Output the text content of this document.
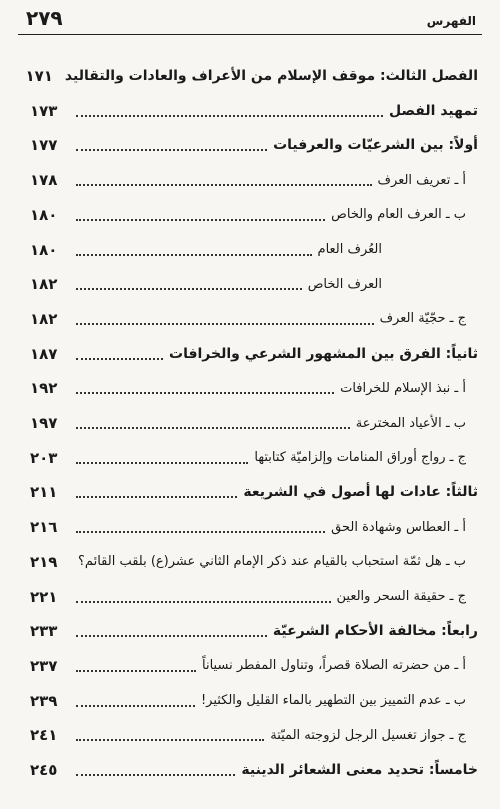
الفهرس
٢٧٩
الفصل الثالث: موقف الإسلام من الأعراف والعادات والتقاليد
١٧١
تمهيد الفصل
١٧٣
أولاً: بين الشرعيّات والعرفيات
١٧٧
أ ـ تعريف العرف
١٧٨
ب ـ العرف العام والخاص
١٨٠
العُرف العام
١٨٠
العرف الخاص
١٨٢
ج ـ حجّيّة العرف
١٨٢
ثانياً: الفرق بين المشهور الشرعي والخرافات
١٨٧
أ ـ نبذ الإسلام للخرافات
١٩٢
ب ـ الأعياد المخترعة
١٩٧
ج ـ رواج أوراق المنامات وإلزاميّة كتابتها
٢٠٣
ثالثاً: عادات لها أصول في الشريعة
٢١١
أ ـ العطاس وشهادة الحق
٢١٦
ب ـ هل ثمّة استحباب بالقيام عند ذكر الإمام الثاني عشر(ع) بلقب القائم؟
٢١٩
ج ـ حقيقة السحر والعين
٢٢١
رابعاً: مخالفة الأحكام الشرعيّة
٢٣٣
أ ـ من حضرته الصلاة قصراً، وتناول المفطر نسياناً
٢٣٧
ب ـ عدم التمييز بين التطهير بالماء القليل والكثير!
٢٣٩
ج ـ جواز تغسيل الرجل لزوجته الميّتة
٢٤١
خامساً: تحديد معنى الشعائر الدينية
٢٤٥
